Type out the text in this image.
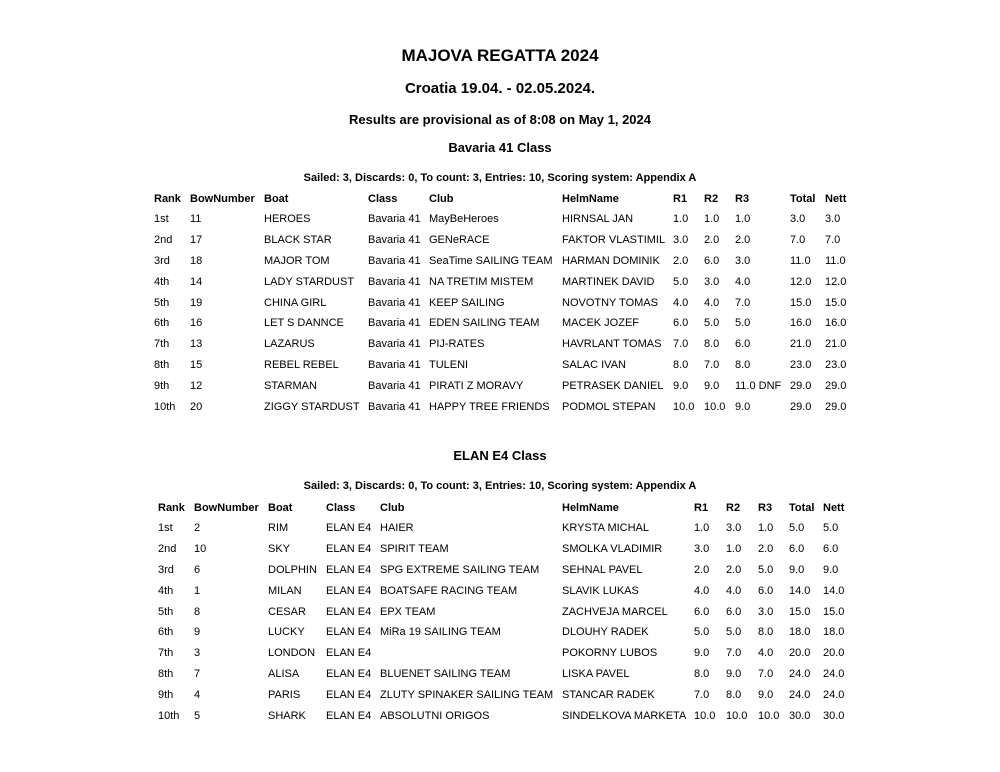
MAJOVA REGATTA 2024
Croatia 19.04. - 02.05.2024.
Results are provisional as of 8:08 on May 1, 2024
Bavaria 41 Class
Sailed: 3, Discards: 0, To count: 3, Entries: 10, Scoring system: Appendix A
Rank	BowNumber	Boat	Class	Club	HelmName	R1	R2	R3	Total	Nett
1st	11	HEROES	Bavaria 41	MayBeHeroes	HIRNSAL JAN	1.0	1.0	1.0	3.0	3.0
2nd	17	BLACK STAR	Bavaria 41	GENeRACE	FAKTOR VLASTIMIL	3.0	2.0	2.0	7.0	7.0
3rd	18	MAJOR TOM	Bavaria 41	SeaTime SAILING TEAM	HARMAN DOMINIK	2.0	6.0	3.0	11.0	11.0
4th	14	LADY STARDUST	Bavaria 41	NA TRETIM MISTEM	MARTINEK DAVID	5.0	3.0	4.0	12.0	12.0
5th	19	CHINA GIRL	Bavaria 41	KEEP SAILING	NOVOTNY TOMAS	4.0	4.0	7.0	15.0	15.0
6th	16	LET S DANNCE	Bavaria 41	EDEN SAILING TEAM	MACEK JOZEF	6.0	5.0	5.0	16.0	16.0
7th	13	LAZARUS	Bavaria 41	PIJ-RATES	HAVRLANT TOMAS	7.0	8.0	6.0	21.0	21.0
8th	15	REBEL REBEL	Bavaria 41	TULENI	SALAC IVAN	8.0	7.0	8.0	23.0	23.0
9th	12	STARMAN	Bavaria 41	PIRATI Z MORAVY	PETRASEK DANIEL	9.0	9.0	11.0 DNF	29.0	29.0
10th	20	ZIGGY STARDUST	Bavaria 41	HAPPY TREE FRIENDS	PODMOL STEPAN	10.0	10.0	9.0	29.0	29.0
ELAN E4 Class
Sailed: 3, Discards: 0, To count: 3, Entries: 10, Scoring system: Appendix A
Rank	BowNumber	Boat	Class	Club	HelmName	R1	R2	R3	Total	Nett
1st	2	RIM	ELAN E4	HAIER	KRYSTA MICHAL	1.0	3.0	1.0	5.0	5.0
2nd	10	SKY	ELAN E4	SPIRIT TEAM	SMOLKA VLADIMIR	3.0	1.0	2.0	6.0	6.0
3rd	6	DOLPHIN	ELAN E4	SPG EXTREME SAILING TEAM	SEHNAL PAVEL	2.0	2.0	5.0	9.0	9.0
4th	1	MILAN	ELAN E4	BOATSAFE RACING TEAM	SLAVIK LUKAS	4.0	4.0	6.0	14.0	14.0
5th	8	CESAR	ELAN E4	EPX TEAM	ZACHVEJA MARCEL	6.0	6.0	3.0	15.0	15.0
6th	9	LUCKY	ELAN E4	MiRa 19 SAILING TEAM	DLOUHY RADEK	5.0	5.0	8.0	18.0	18.0
7th	3	LONDON	ELAN E4		POKORNY LUBOS	9.0	7.0	4.0	20.0	20.0
8th	7	ALISA	ELAN E4	BLUENET SAILING TEAM	LISKA PAVEL	8.0	9.0	7.0	24.0	24.0
9th	4	PARIS	ELAN E4	ZLUTY SPINAKER SAILING TEAM	STANCAR RADEK	7.0	8.0	9.0	24.0	24.0
10th	5	SHARK	ELAN E4	ABSOLUTNI ORIGOS	SINDELKOVA MARKETA	10.0	10.0	10.0	30.0	30.0
